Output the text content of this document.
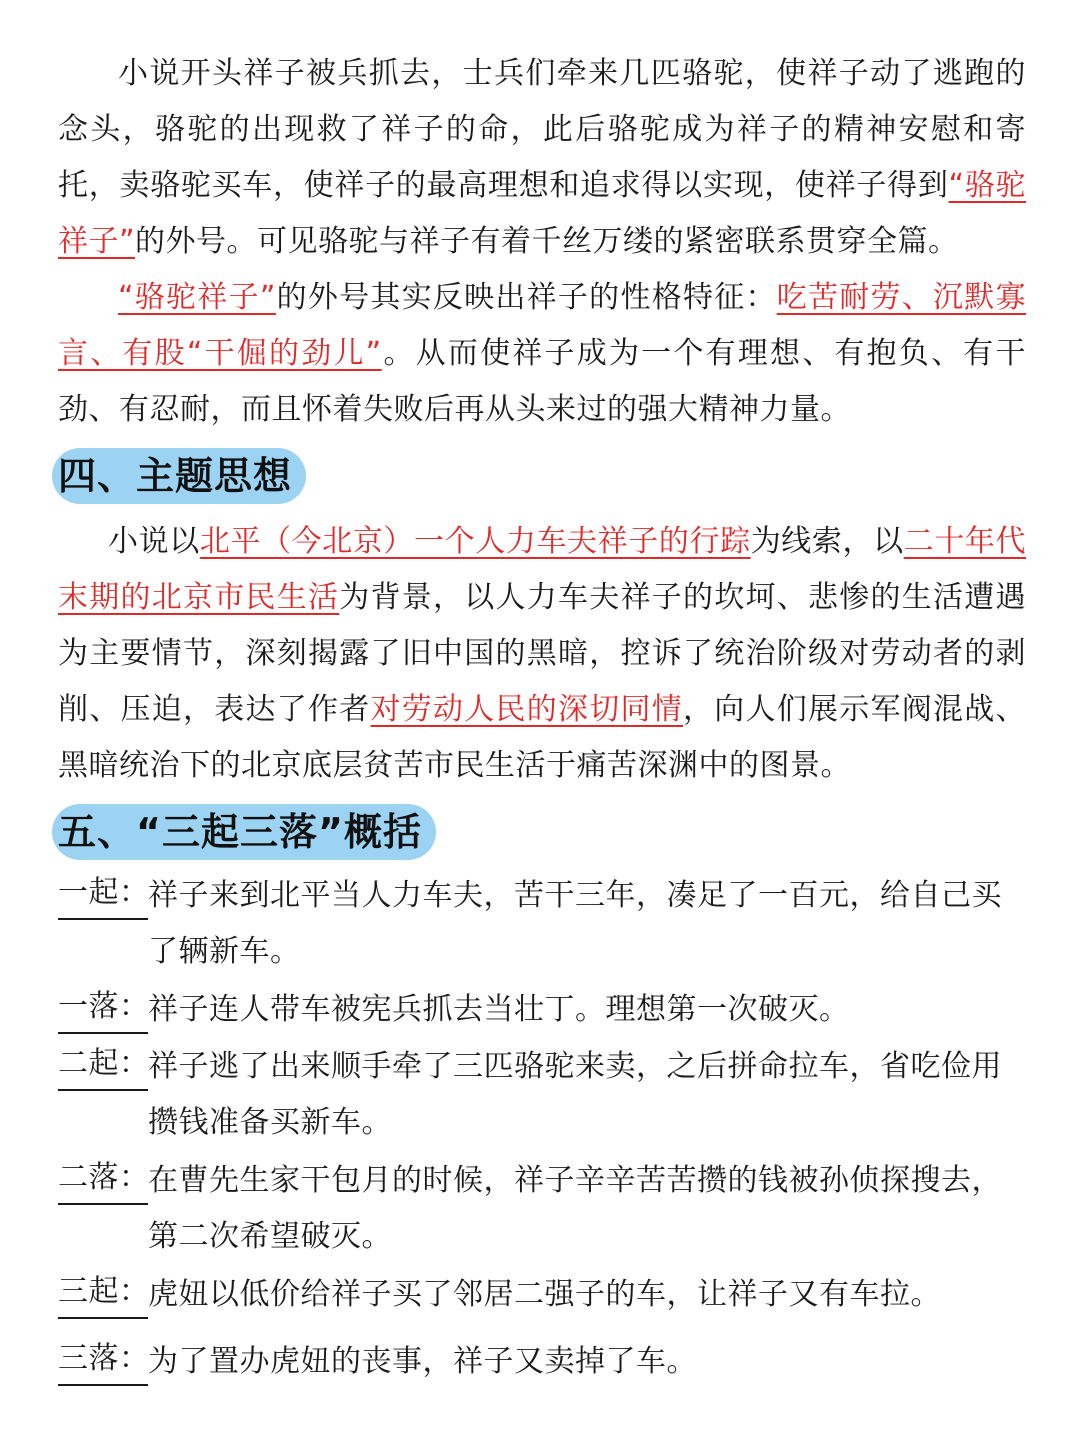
小说开头祥子被兵抓去，士兵们牵来几匹骆驼，使祥子动了逃跑的念头，骆驼的出现救了祥子的命，此后骆驼成为祥子的精神安慰和寄托，卖骆驼买车，使祥子的最高理想和追求得以实现，使祥子得到“骆驼祥子”的外号。可见骆驼与祥子有着千丝万缕的紧密联系贯穿全篇。

“骆驼祥子”的外号其实反映出祥子的性格特征：吃苦耐劳、沉默寡言、有股“干倔的劲儿”。从而使祥子成为一个有理想、有抱负、有干劲、有忍耐，而且怀着失败后再从头来过的强大精神力量。

四、主题思想

小说以北平（今北京）一个人力车夫祥子的行踪为线索，以二十年代末期的北京市民生活为背景，以人力车夫祥子的坎坷、悲惨的生活遭遇为主要情节，深刻揭露了旧中国的黑暗，控诉了统治阶级对劳动者的剥削、压迫，表达了作者对劳动人民的深切同情，向人们展示军阀混战、黑暗统治下的北京底层贫苦市民生活于痛苦深渊中的图景。

五、“三起三落”概括
一起：
祥子来到北平当人力车夫，苦干三年，凑足了一百元，给自己买了辆新车。
一落：
祥子连人带车被宪兵抓去当壮丁。理想第一次破灭。
二起：
祥子逃了出来顺手牵了三匹骆驼来卖，之后拼命拉车，省吃俭用攒钱准备买新车。
二落：
在曹先生家干包月的时候，祥子辛辛苦苦攒的钱被孙侦探搜去，第二次希望破灭。
三起：
虎妞以低价给祥子买了邻居二强子的车，让祥子又有车拉。
三落：
为了置办虎妞的丧事，祥子又卖掉了车。
